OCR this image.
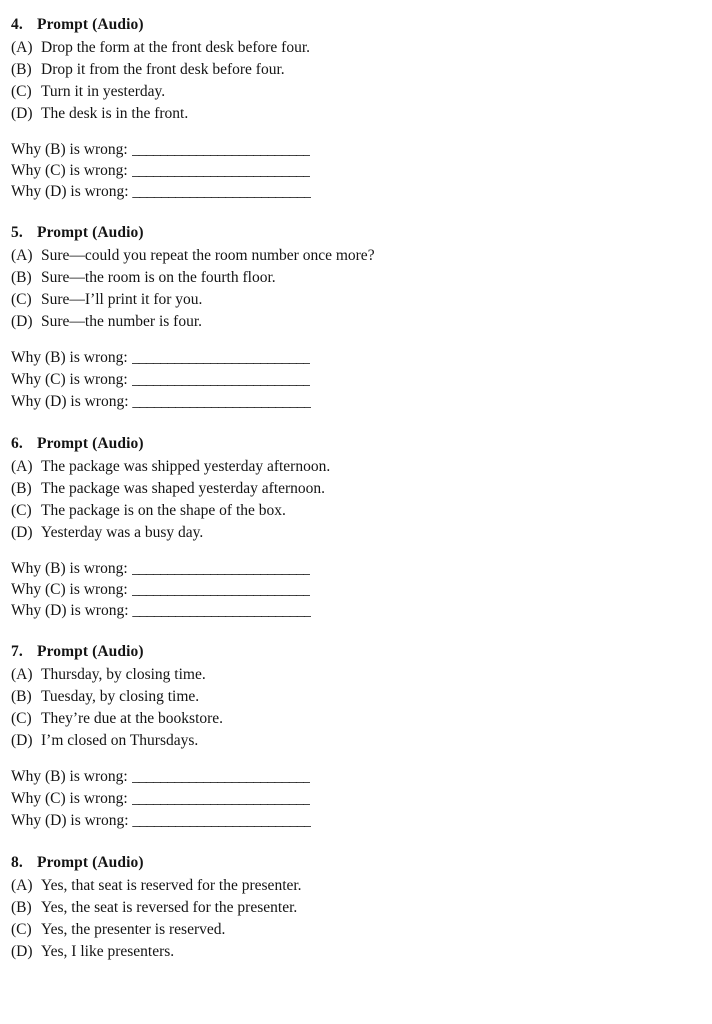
4. Prompt (Audio)
(A) Drop the form at the front desk before four.
(B) Drop it from the front desk before four.
(C) Turn it in yesterday.
(D) The desk is in the front.
Why (B) is wrong: _________________________
Why (C) is wrong: _________________________
Why (D) is wrong: _________________________
5. Prompt (Audio)
(A) Sure—could you repeat the room number once more?
(B) Sure—the room is on the fourth floor.
(C) Sure—I’ll print it for you.
(D) Sure—the number is four.
Why (B) is wrong: _________________________
Why (C) is wrong: _________________________
Why (D) is wrong: _________________________
6. Prompt (Audio)
(A) The package was shipped yesterday afternoon.
(B) The package was shaped yesterday afternoon.
(C) The package is on the shape of the box.
(D) Yesterday was a busy day.
Why (B) is wrong: _________________________
Why (C) is wrong: _________________________
Why (D) is wrong: _________________________
7. Prompt (Audio)
(A) Thursday, by closing time.
(B) Tuesday, by closing time.
(C) They’re due at the bookstore.
(D) I’m closed on Thursdays.
Why (B) is wrong: _________________________
Why (C) is wrong: _________________________
Why (D) is wrong: _________________________
8. Prompt (Audio)
(A) Yes, that seat is reserved for the presenter.
(B) Yes, the seat is reversed for the presenter.
(C) Yes, the presenter is reserved.
(D) Yes, I like presenters.
